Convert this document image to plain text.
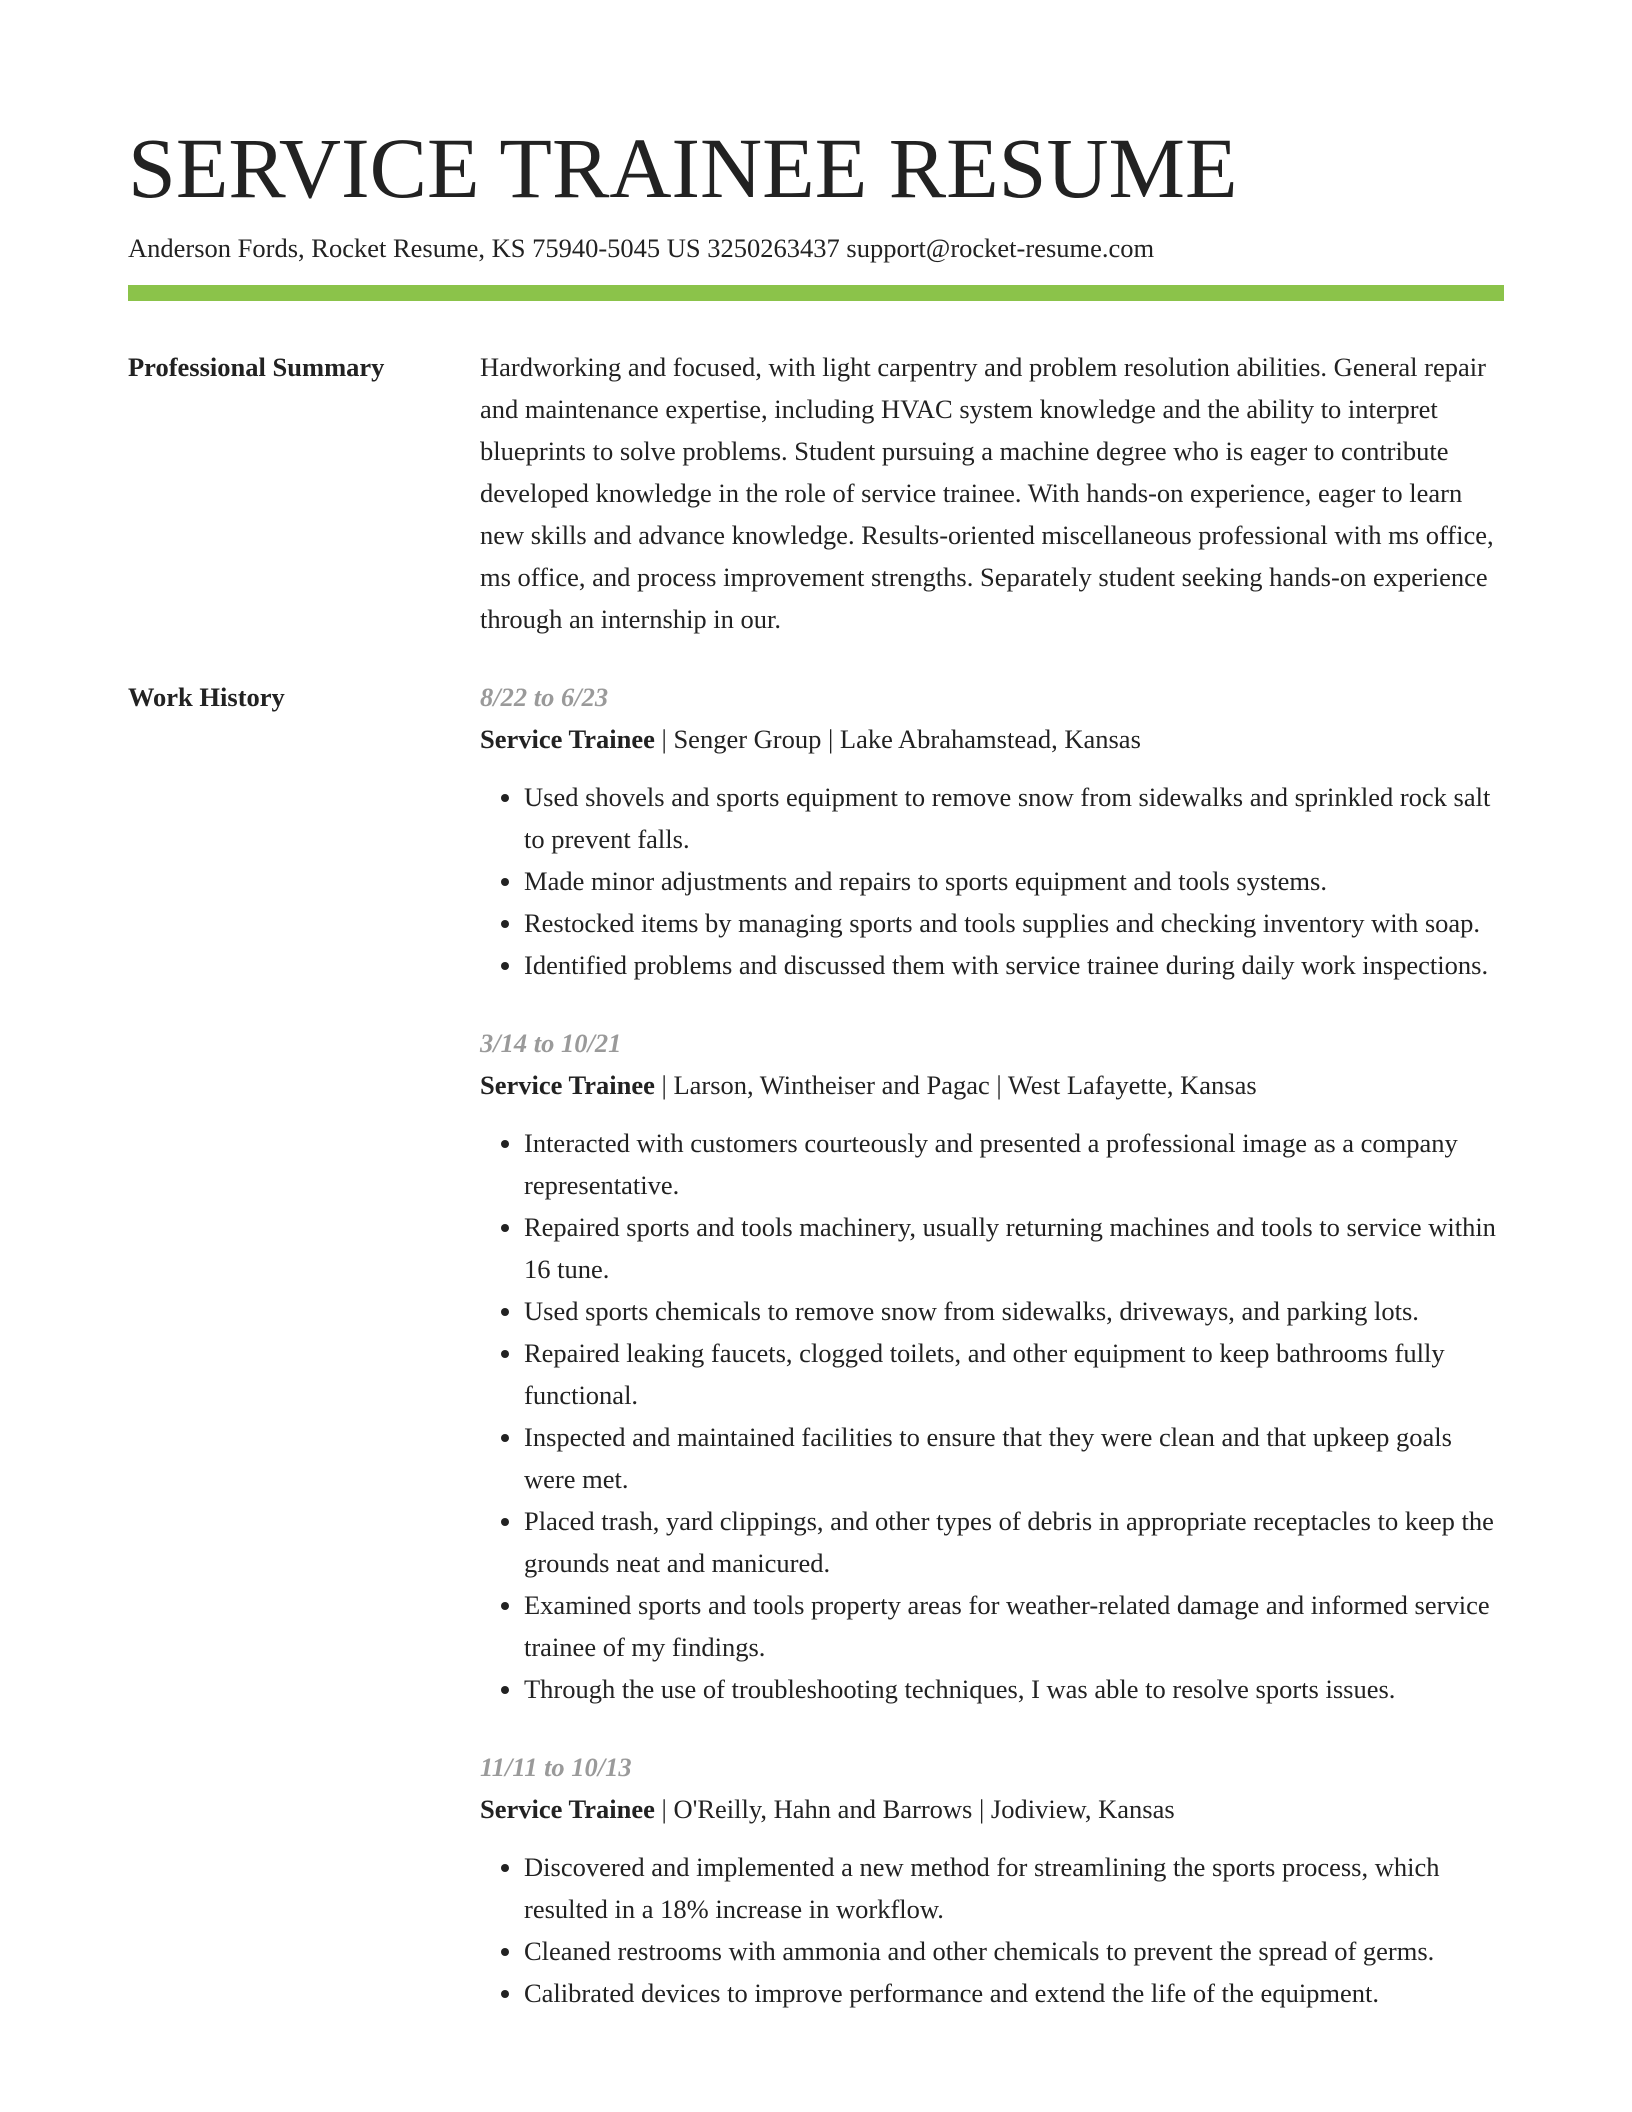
SERVICE TRAINEE RESUME
Anderson Fords, Rocket Resume, KS 75940-5045 US 3250263437 support@rocket-resume.com
Professional Summary	Hardworking and focused, with light carpentry and problem resolution abilities. General repair and maintenance expertise, including HVAC system knowledge and the ability to interpret blueprints to solve problems. Student pursuing a machine degree who is eager to contribute developed knowledge in the role of service trainee. With hands-on experience, eager to learn new skills and advance knowledge. Results-oriented miscellaneous professional with ms office, ms office, and process improvement strengths. Separately student seeking hands-on experience through an internship in our.

Work History	8/22 to 6/23
Service Trainee | Senger Group | Lake Abrahamstead, Kansas
• Used shovels and sports equipment to remove snow from sidewalks and sprinkled rock salt to prevent falls.
• Made minor adjustments and repairs to sports equipment and tools systems.
• Restocked items by managing sports and tools supplies and checking inventory with soap.
• Identified problems and discussed them with service trainee during daily work inspections.
3/14 to 10/21
Service Trainee | Larson, Wintheiser and Pagac | West Lafayette, Kansas
• Interacted with customers courteously and presented a professional image as a company representative.
• Repaired sports and tools machinery, usually returning machines and tools to service within 16 tune.
• Used sports chemicals to remove snow from sidewalks, driveways, and parking lots.
• Repaired leaking faucets, clogged toilets, and other equipment to keep bathrooms fully functional.
• Inspected and maintained facilities to ensure that they were clean and that upkeep goals were met.
• Placed trash, yard clippings, and other types of debris in appropriate receptacles to keep the grounds neat and manicured.
• Examined sports and tools property areas for weather-related damage and informed service trainee of my findings.
• Through the use of troubleshooting techniques, I was able to resolve sports issues.
11/11 to 10/13
Service Trainee | O'Reilly, Hahn and Barrows | Jodiview, Kansas
• Discovered and implemented a new method for streamlining the sports process, which resulted in a 18% increase in workflow.
• Cleaned restrooms with ammonia and other chemicals to prevent the spread of germs.
• Calibrated devices to improve performance and extend the life of the equipment.
